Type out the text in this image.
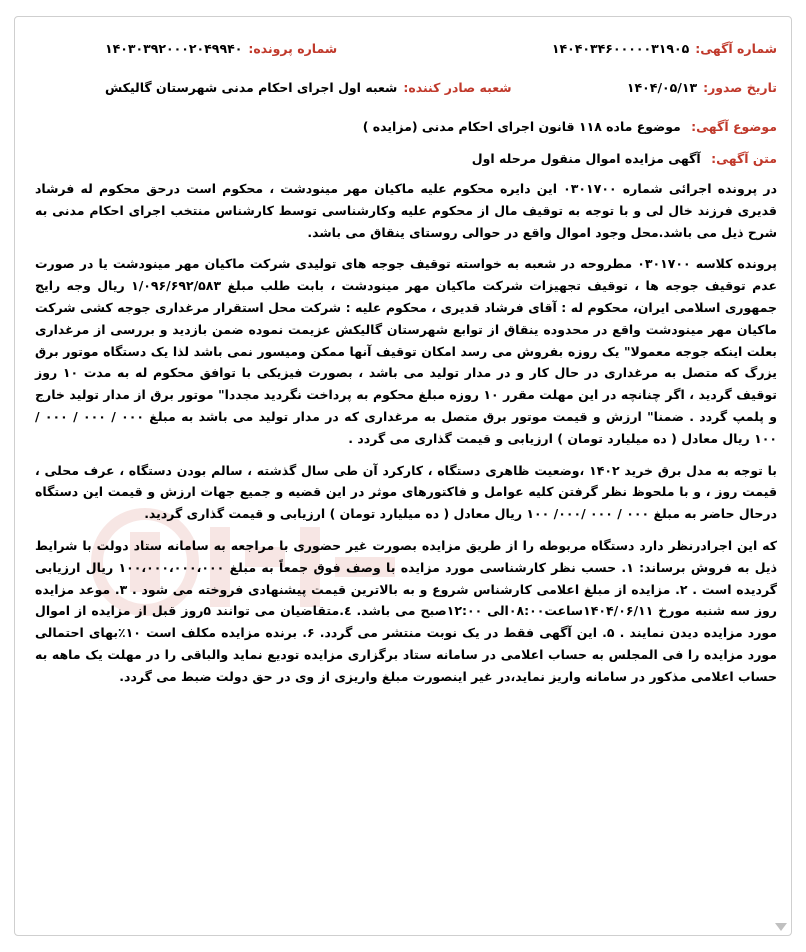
شماره آگهی:
۱۴۰۴۰۳۴۶۰۰۰۰۰۳۱۹۰۵
شماره پرونده:
۱۴۰۳۰۳۹۲۰۰۰۲۰۴۹۹۴۰
تاریخ صدور:
۱۴۰۴/۰۵/۱۳
شعبه صادر کننده:
شعبه اول اجرای احکام مدنی شهرستان گالیکش
موضوع آگهی: موضوع ماده ۱۱۸ قانون اجرای احکام مدنی (مزایده )
متن آگهی: آگهی مزایده اموال منقول مرحله اول

در پرونده اجرائی شماره ۰۳۰۱۷۰۰ این دایره محکوم علیه ماکیان مهر مینودشت ، محکوم است درحق محکوم له فرشاد قدیری فرزند خال لی و با توجه به توقیف مال از محکوم علیه وکارشناسی توسط کارشناس منتخب اجرای احکام مدنی به شرح ذیل می باشد.محل وجود اموال واقع در حوالی روستای ینقاق می باشد.

پرونده کلاسه ۰۳۰۱۷۰۰ مطروحه در شعبه به خواسته توقیف جوجه های تولیدی شرکت ماکیان مهر مینودشت یا در صورت عدم توقیف جوجه ها ، توقیف تجهیزات شرکت ماکیان مهر مینودشت ، بابت طلب مبلغ ۱/۰۹۶/۶۹۲/۵۸۳ ریال وجه رایج جمهوری اسلامی ایران، محکوم له : آقای فرشاد قدیری ، محکوم علیه : شرکت محل استقرار مرغداری جوجه کشی شرکت ماکیان مهر مینودشت واقع در محدوده ینقاق از توابع شهرستان گالیکش عزیمت نموده ضمن بازدید و بررسی از مرغداری بعلت اینکه جوجه معمولا" یک روزه بفروش می رسد امکان توقیف آنها ممکن ومیسور نمی باشد لذا یک دستگاه موتور برق یزرگ که متصل به مرغداری در حال کار و در مدار تولید می باشد ، بصورت فیزیکی با توافق محکوم له به مدت ۱۰ روز توقیف گردید ، اگر چنانچه در این مهلت مقرر ۱۰ روزه مبلغ محکوم به پرداخت نگردید مجددا" موتور برق از مدار تولید خارج و پلمپ گردد . ضمنا" ارزش و قیمت موتور برق متصل به مرغداری که در مدار تولید می باشد به مبلغ ۰۰۰ / ۰۰۰ / ۰۰۰ / ۱۰۰ ریال معادل ( ده میلیارد تومان ) ارزیابی و قیمت گذاری می گردد .

با توجه به مدل برق خرید ۱۴۰۲ ،وضعیت ظاهری دستگاه ، کارکرد آن طی سال گذشته ، سالم بودن دستگاه ، عرف محلی ، قیمت روز ، و با ملحوظ نظر گرفتن کلیه عوامل و فاکتورهای موثر در این قضیه و جمیع جهات ارزش و قیمت این دستگاه درحال حاضر به مبلغ ۰۰۰ / ۰۰۰ /۰۰۰/ ۱۰۰ ریال معادل ( ده میلیارد تومان ) ارزیابی و قیمت گذاری گردید.

که این اجرادرنظر دارد دستگاه مربوطه را از طریق مزایده بصورت غیر حضوری با مراجعه به سامانه ستاد دولت با شرایط ذیل به فروش برساند: ۱. حسب نظر کارشناسی مورد مزایده با وصف فوق جمعاً به مبلغ ۱۰۰،۰۰۰،۰۰۰،۰۰۰ ریال ارزیابی گردیده است . ۲. مزایده از مبلغ اعلامی کارشناس شروع و به بالاترین قیمت پیشنهادی فروخته می شود . ۳. موعد مزایده روز سه شنبه مورخ ۱۴۰۴/۰۶/۱۱ساعت۰۸:۰۰الی ۱۲:۰۰صبح می باشد. ٤.متقاضیان می توانند ۵روز قبل از مزایده از اموال مورد مزایده دیدن نمایند . ۵. این آگهی فقط در یک نوبت منتشر می گردد. ۶. برنده مزایده مکلف است ۱۰٪بهای احتمالی مورد مزایده را فی المجلس به حساب اعلامی در سامانه ستاد برگزاری مزایده تودیع نماید والباقی را در مهلت یک ماهه به حساب اعلامی مذکور در سامانه واریز نماید،در غیر اینصورت مبلغ واریزی از وی در حق دولت ضبط می گردد.
